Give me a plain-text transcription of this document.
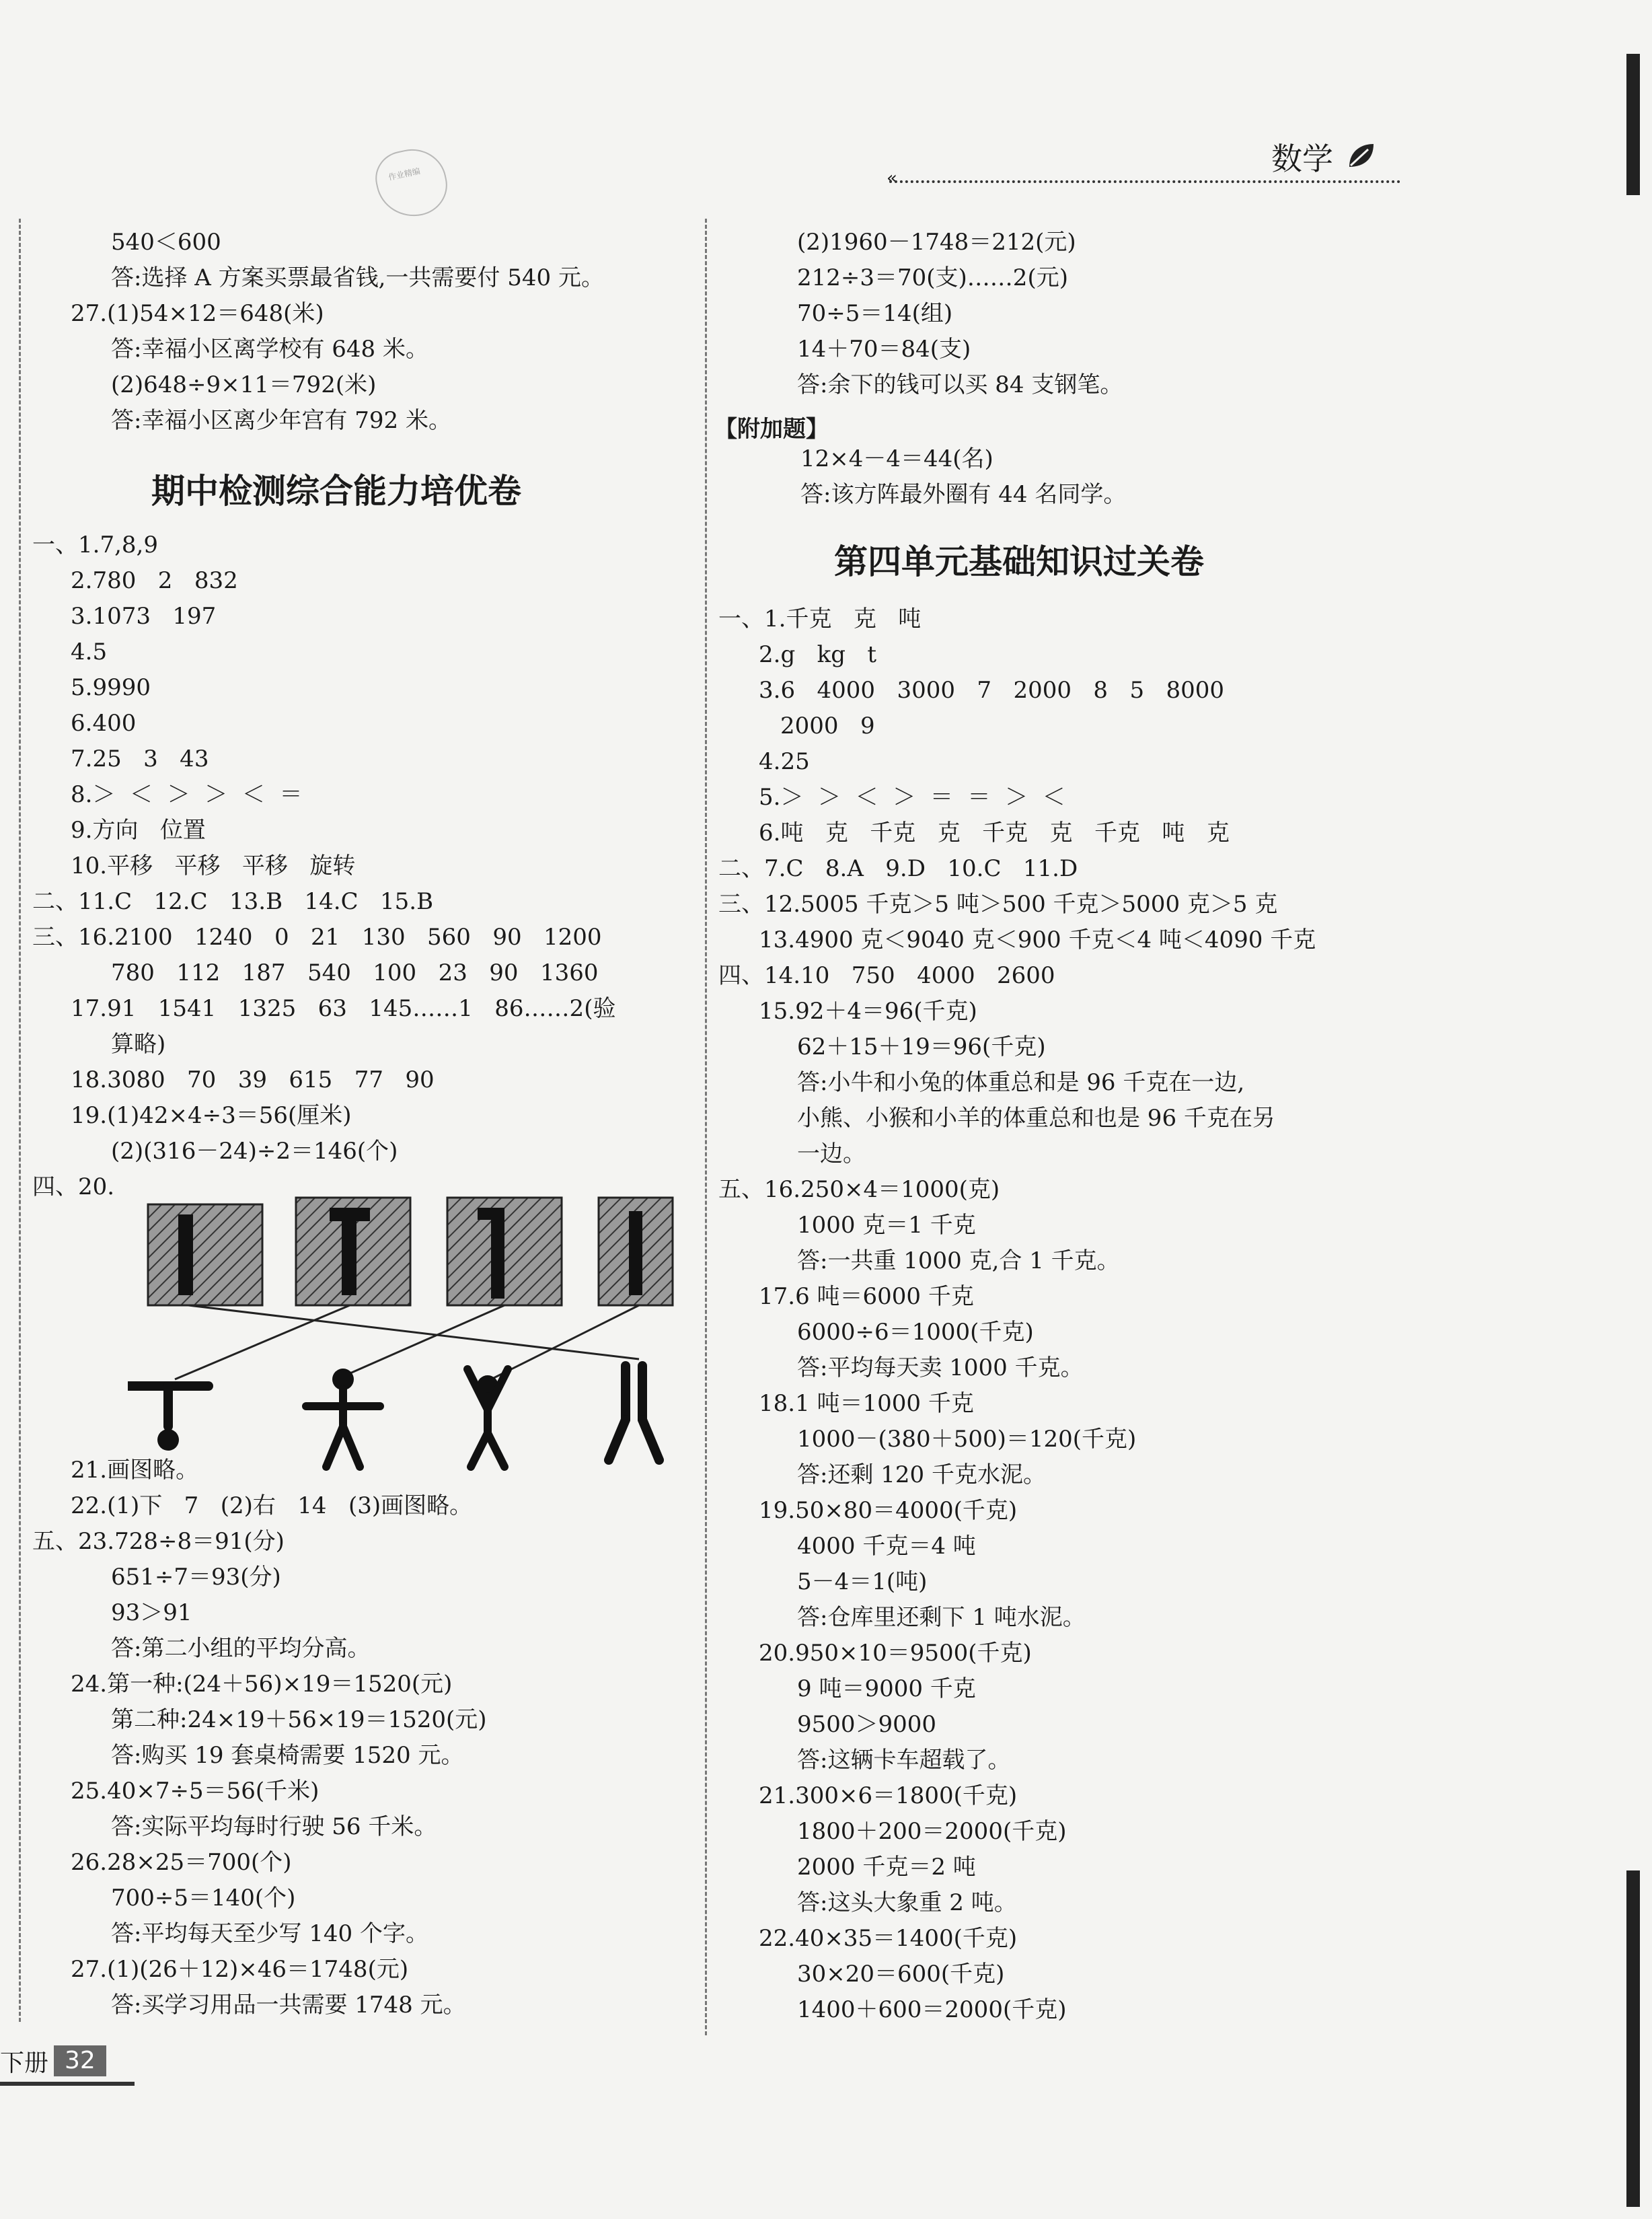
作业精编	数学
«
540＜600
答:选择 A 方案买票最省钱,一共需要付 540 元。
27.(1)54×12＝648(米)
答:幸福小区离学校有 648 米。
(2)648÷9×11＝792(米)
答:幸福小区离少年宫有 792 米。
期中检测综合能力培优卷
一、1.7,8,9
2.780   2   832
3.1073   197
4.5
5.9990
6.400
7.25   3   43
8.＞  ＜  ＞  ＞  ＜  ＝
9.方向   位置
10.平移   平移   平移   旋转
二、11.C   12.C   13.B   14.C   15.B
三、16.2100   1240   0   21   130   560   90   1200
780   112   187   540   100   23   90   1360
17.91   1541   1325   63   145……1   86……2(验
算略)
18.3080   70   39   615   77   90
19.(1)42×4÷3＝56(厘米)
(2)(316－24)÷2＝146(个)
四、20.
21.画图略。
22.(1)下   7   (2)右   14   (3)画图略。
五、23.728÷8＝91(分)
651÷7＝93(分)
93＞91
答:第二小组的平均分高。
24.第一种:(24＋56)×19＝1520(元)
第二种:24×19＋56×19＝1520(元)
答:购买 19 套桌椅需要 1520 元。
25.40×7÷5＝56(千米)
答:实际平均每时行驶 56 千米。
26.28×25＝700(个)
700÷5＝140(个)
答:平均每天至少写 140 个字。
27.(1)(26＋12)×46＝1748(元)
答:买学习用品一共需要 1748 元。
(2)1960－1748＝212(元)
212÷3＝70(支)……2(元)
70÷5＝14(组)
14＋70＝84(支)
答:余下的钱可以买 84 支钢笔。
【附加题】
12×4－4＝44(名)
答:该方阵最外圈有 44 名同学。
第四单元基础知识过关卷
一、1.千克   克   吨
2.g   kg   t
3.6   4000   3000   7   2000   8   5   8000
2000   9
4.25
5.＞  ＞  ＜  ＞  ＝  ＝  ＞  ＜
6.吨   克   千克   克   千克   克   千克   吨   克
二、7.C   8.A   9.D   10.C   11.D
三、12.5005 千克＞5 吨＞500 千克＞5000 克＞5 克
13.4900 克＜9040 克＜900 千克＜4 吨＜4090 千克
四、14.10   750   4000   2600
15.92＋4＝96(千克)
62＋15＋19＝96(千克)
答:小牛和小兔的体重总和是 96 千克在一边,
小熊、小猴和小羊的体重总和也是 96 千克在另
一边。
五、16.250×4＝1000(克)
1000 克＝1 千克
答:一共重 1000 克,合 1 千克。
17.6 吨＝6000 千克
6000÷6＝1000(千克)
答:平均每天卖 1000 千克。
18.1 吨＝1000 千克
1000－(380＋500)＝120(千克)
答:还剩 120 千克水泥。
19.50×80＝4000(千克)
4000 千克＝4 吨
5－4＝1(吨)
答:仓库里还剩下 1 吨水泥。
20.950×10＝9500(千克)
9 吨＝9000 千克
9500＞9000
答:这辆卡车超载了。
21.300×6＝1800(千克)
1800＋200＝2000(千克)
2000 千克＝2 吨
答:这头大象重 2 吨。
22.40×35＝1400(千克)
30×20＝600(千克)
1400＋600＝2000(千克)
下册 32
